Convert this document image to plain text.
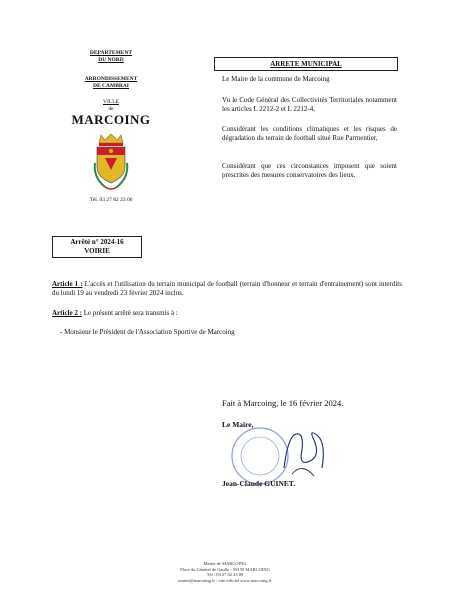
DEPARTEMENT
DU NORD
ARRONDISSEMENT
DE CAMBRAI
VILLE
de
MARCOING
Tél. 03 27 82 23 00
ARRETE MUNICIPAL
Le Maire de la commune de Marcoing
Vu le Code Général des Collectivités Territoriales notamment les articles L 2212-2 et L 2212-4,
Considérant les conditions climatiques et les risques de dégradation du terrain de football situé Rue Parmentier,
Considérant que ces circonstances imposent que soient prescrites des mesures conservatoires des lieux.
Arrêté n° 2024-16
VOIRIE

Article 1 : L'accès et l'utilisation du terrain municipal de football (terrain d'honneur et terrain d'entrainement) sont interdits du lundi 19 au vendredi 23 février 2024 inclus.

Article 2 : Le présent arrêté sera transmis à :

- Monsieur le Président de l'Association Sportive de Marcoing

Fait à Marcoing, le 16 février 2024.
Le Maire,
Jean-Claude GUINET.
Mairie de MARCOING
Place du Général de Gaulle - 59159 MARCOING
Tél : 03 27 82 23 00
mairie@marcoing.fr - site officiel www.marcoing.fr
